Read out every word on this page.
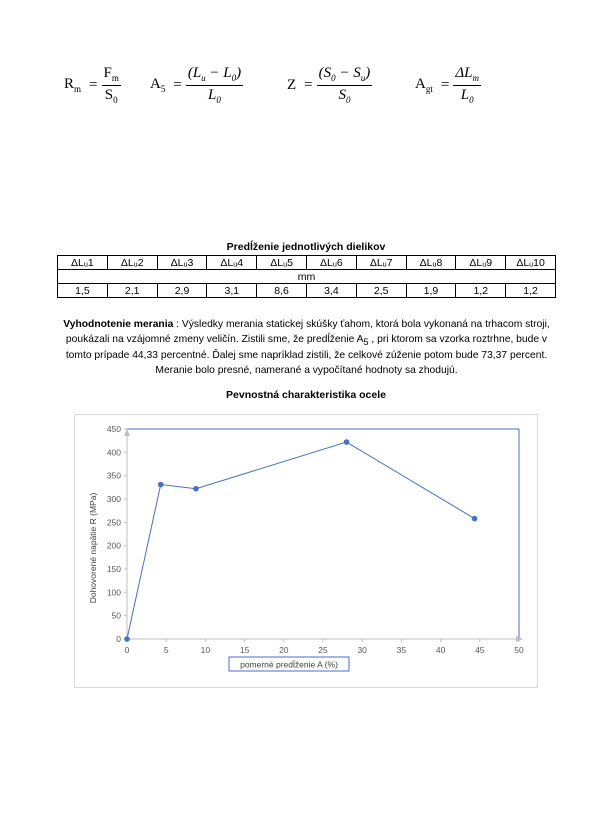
$R_m = \frac{F_m}{S_0} A_5 = \frac{(L_u - L_0)}{L_0}$	$Z = \frac{(S_0 - S_u)}{S_0}$	$A_{gt} = \frac{\Delta L_m}{L_0}$
Predĺženie jednotlivých dielikov
ΔLᵤ1	ΔLᵤ2	ΔLᵤ3	ΔLᵤ4	ΔLᵤ5	ΔLᵤ6	ΔLᵤ7	ΔLᵤ8	ΔLᵤ9	ΔLᵤ10
mm									
1,5	2,1	2,9	3,1	8,6	3,4	2,5	1,9	1,2	1,2
Vyhodnotenie merania : Výsledky merania statickej skúšky ťahom, ktorá bola vykonaná na trhacom stroji, poukázali na vzájomné zmeny veličín. Zistili sme, že predĺženie $A_5$ , pri ktorom sa vzorka roztrhne, bude v tomto prípade 44,33 percentné. Ďalej sme napríklad zistili, že celkové zúženie potom bude 73,37 percent. Meranie bolo presné, namerané a vypočítané hodnoty sa zhodujú.
Pevnostná charakteristika ocele
0	5	10	15	20	25	30	35	40	45	50
0
50
100
150
200
250
300
350
400
450
pomerné predĺženie A (%)
Dohovorené napätie R (MPa)
